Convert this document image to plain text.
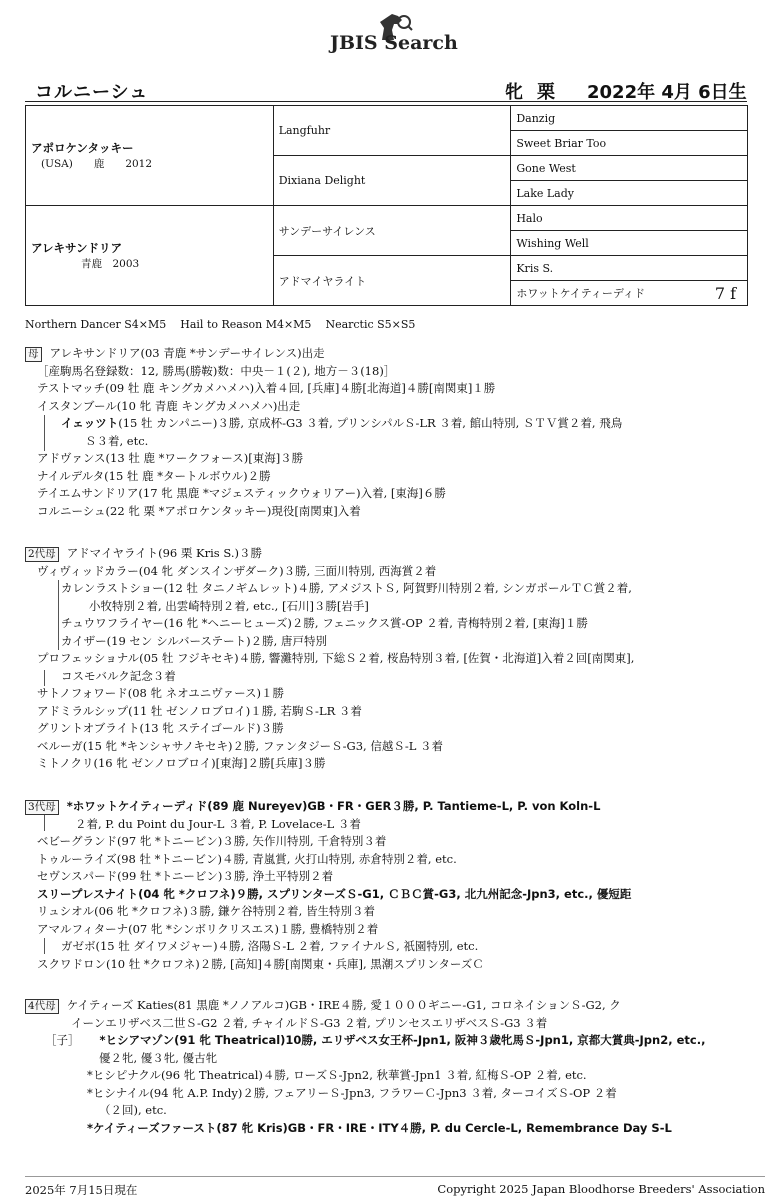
JBIS Search
コルニーシュ	牝 栗 2022年 4月 6日生
アポロケンタッキー
(USA)　　鹿　　2012	Langfuhr	Danzig
		Sweet Briar Too
	Dixiana Delight	Gone West
		Lake Lady

アレキサンドリア
青鹿　2003	サンデーサイレンス	Halo
		Wishing Well
	アドマイヤライト	Kris S.

		ホワットケイティーディド 7 f
Northern Dancer S4×M5 Hail to Reason M4×M5 Nearctic S5×S5
母 アレキサンドリア(03 青鹿 *サンデーサイレンス)出走
［産駒馬名登録数：12, 勝馬(勝鞍)数：中央－１(２), 地方－３(18)］
テストマッチ(09 牡 鹿 キングカメハメハ)入着４回, [兵庫]４勝[北海道]４勝[南関東]１勝
イスタンブール(10 牝 青鹿 キングカメハメハ)出走
イェッツト(15 牡 カンパニー)３勝, 京成杯-G3 ３着, プリンシパルＳ-LR ３着, 館山特別, ＳＴＶ賞２着, 飛鳥
Ｓ３着, etc.
アドヴァンス(13 牡 鹿 *ワークフォース)[東海]３勝
ナイルデルタ(15 牡 鹿 *タートルボウル)２勝
テイエムサンドリア(17 牝 黒鹿 *マジェスティックウォリアー)入着, [東海]６勝
コルニーシュ(22 牝 栗 *アポロケンタッキー)現役[南関東]入着
2代母 アドマイヤライト(96 栗 Kris S.)３勝
ヴィヴィッドカラー(04 牝 ダンスインザダーク)３勝, 三面川特別, 西海賞２着
カレンラストショー(12 牡 タニノギムレット)４勝, アメジストＳ, 阿賀野川特別２着, シンガポールＴＣ賞２着,
小牧特別２着, 出雲崎特別２着, etc., [石川]３勝[岩手]
チュウワフライヤー(16 牝 *ヘニーヒューズ)２勝, フェニックス賞-OP ２着, 青梅特別２着, [東海]１勝
カイザー(19 セン シルバーステート)２勝, 唐戸特別
プロフェッショナル(05 牡 フジキセキ)４勝, 響灘特別, 下総Ｓ２着, 桜島特別３着, [佐賀・北海道]入着２回[南関東],
コスモバルク記念３着
サトノフォワード(08 牝 ネオユニヴァース)１勝
アドミラルシップ(11 牡 ゼンノロブロイ)１勝, 若駒Ｓ-LR ３着
グリントオブライト(13 牝 ステイゴールド)３勝
ベルーガ(15 牝 *キンシャサノキセキ)２勝, ファンタジーＳ-G3, 信越Ｓ-L ３着
ミトノクリ(16 牝 ゼンノロブロイ)[東海]２勝[兵庫]３勝
3代母 *ホワットケイティーディド(89 鹿 Nureyev)GB・FR・GER３勝, P. Tantieme-L, P. von Koln-L
２着, P. du Point du Jour-L ３着, P. Lovelace-L ３着
ベビーグランド(97 牝 *トニービン)３勝, 矢作川特別, 千倉特別３着
トゥルーライズ(98 牡 *トニービン)４勝, 青嵐賞, 火打山特別, 赤倉特別２着, etc.
セヴンスパード(99 牡 *トニービン)３勝, 浄土平特別２着
スリープレスナイト(04 牝 *クロフネ)９勝, スプリンターズＳ-G1, ＣＢＣ賞-G3, 北九州記念-Jpn3, etc., 優短距
リュシオル(06 牝 *クロフネ)３勝, 鎌ケ谷特別２着, 皆生特別３着
アマルフィターナ(07 牝 *シンボリクリスエス)１勝, 豊橋特別２着
ガゼボ(15 牡 ダイワメジャー)４勝, 洛陽Ｓ-L ２着, ファイナルＳ, 祇園特別, etc.
スクワドロン(10 牡 *クロフネ)２勝, [高知]４勝[南関東・兵庫], 黒潮スプリンターズＣ
4代母 ケイティーズ Katies(81 黒鹿 *ノノアルコ)GB・IRE４勝, 愛１０００ギニー-G1, コロネイションＳ-G2, ク
イーンエリザベス二世Ｓ-G2 ２着, チャイルドＳ-G3 ２着, プリンセスエリザベスＳ-G3 ３着
［子］ *ヒシアマゾン(91 牝 Theatrical)10勝, エリザベス女王杯-Jpn1, 阪神３歳牝馬Ｓ-Jpn1, 京都大賞典-Jpn2, etc.,
優２牝, 優３牝, 優古牝
*ヒシピナクル(96 牝 Theatrical)４勝, ローズＳ-Jpn2, 秋華賞-Jpn1 ３着, 紅梅Ｓ-OP ２着, etc.
*ヒシナイル(94 牝 A.P. Indy)２勝, フェアリーＳ-Jpn3, フラワーＣ-Jpn3 ３着, ターコイズＳ-OP ２着
（２回), etc.
*ケイティーズファースト(87 牝 Kris)GB・FR・IRE・ITY４勝, P. du Cercle-L, Remembrance Day S-L
2025年 7月15日現在	Copyright 2025 Japan Bloodhorse Breeders' Association
